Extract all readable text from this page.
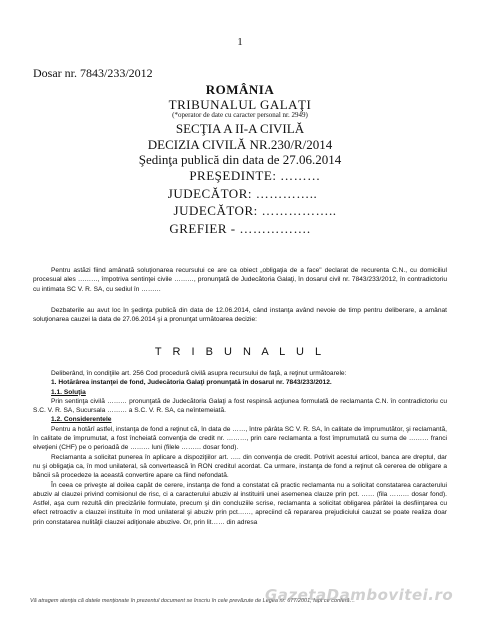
1
Dosar nr. 7843/233/2012
ROMÂNIA
TRIBUNALUL GALAŢI
(*operator de date cu caracter personal nr. 2949)
SECŢIA A II-A CIVILĂ
DECIZIA CIVILĂ NR.230/R/2014
Şedinţa publică din data de 27.06.2014
PREŞEDINTE: ………
JUDECĂTOR: …………..
JUDECĂTOR: ……………..
GREFIER - …………….

Pentru astăzi fiind amânată soluţionarea recursului ce are ca obiect „obligaţia de a face" declarat de recurenta C.N., cu domiciliul procesual ales ………, împotriva sentinţei civile ………, pronunţată de Judecătoria Galaţi, în dosarul civil nr. 7843/233/2012, în contradictoriu cu intimata SC V. R. SA, cu sediul în ………

Dezbaterile au avut loc în şedinţa publică din data de 12.06.2014, când instanţa având nevoie de timp pentru deliberare, a amânat soluţionarea cauzei la data de 27.06.2014 şi a pronunţat următoarea decizie:

T R I B U N A L U L

Deliberând, în condiţiile art. 256 Cod procedură civilă asupra recursului de faţă, a reţinut următoarele:

1. Hotărârea instanţei de fond, Judecătoria Galaţi pronunţată în dosarul nr. 7843/233/2012.

1.1. Soluţia

Prin sentinţa civilă ……… pronunţată de Judecătoria Galaţi a fost respinsă acţiunea formulată de reclamanta C.N. în contradictoriu cu S.C. V. R. SA, Sucursala ……… a S.C. V. R. SA, ca neîntemeiată.

1.2. Considerentele

Pentru a hotărî astfel, instanţa de fond a reţinut că, în data de ……, între pârâta SC V. R. SA, în calitate de împrumutător, şi reclamantă, în calitate de împrumutat, a fost încheiată convenţia de credit nr. ………, prin care reclamanta a fost împrumutată cu suma de ……… franci elveţieni (CHF) pe o perioadă de ……… luni (filele ……… dosar fond).

Reclamanta a solicitat punerea în aplicare a dispoziţiilor art. ….. din convenţia de credit. Potrivit acestui articol, banca are dreptul, dar nu şi obligaţia ca, în mod unilateral, să convertească în RON creditul acordat. Ca urmare, instanţa de fond a reţinut că cererea de obligare a băncii să procedeze la această convertire apare ca fiind nefondată.

În ceea ce priveşte al doilea capăt de cerere, instanţa de fond a constatat că practic reclamanta nu a solicitat constatarea caracterului abuziv al clauzei privind comisionul de risc, ci a caracterului abuziv al instituirii unei asemenea clauze prin pct. …… (fila ……… dosar fond). Astfel, aşa cum rezultă din precizările formulate, precum şi din concluziile scrise, reclamanta a solicitat obligarea pârâtei la desfiinţarea cu efect retroactiv a clauzei instituite în mod unilateral şi abuziv prin pct……, apreciind că repararea prejudiciului cauzat se poate realiza doar prin constatarea nulităţii clauzei adiţionale abuzive. Or, prin lit…… din adresa

Vă atragem atenţia că datele menţionate în prezentul document se înscriu în cele prevăzute de Legea nr. 677/2001, fapt ce conferă…
GazetaDambovitei.ro
